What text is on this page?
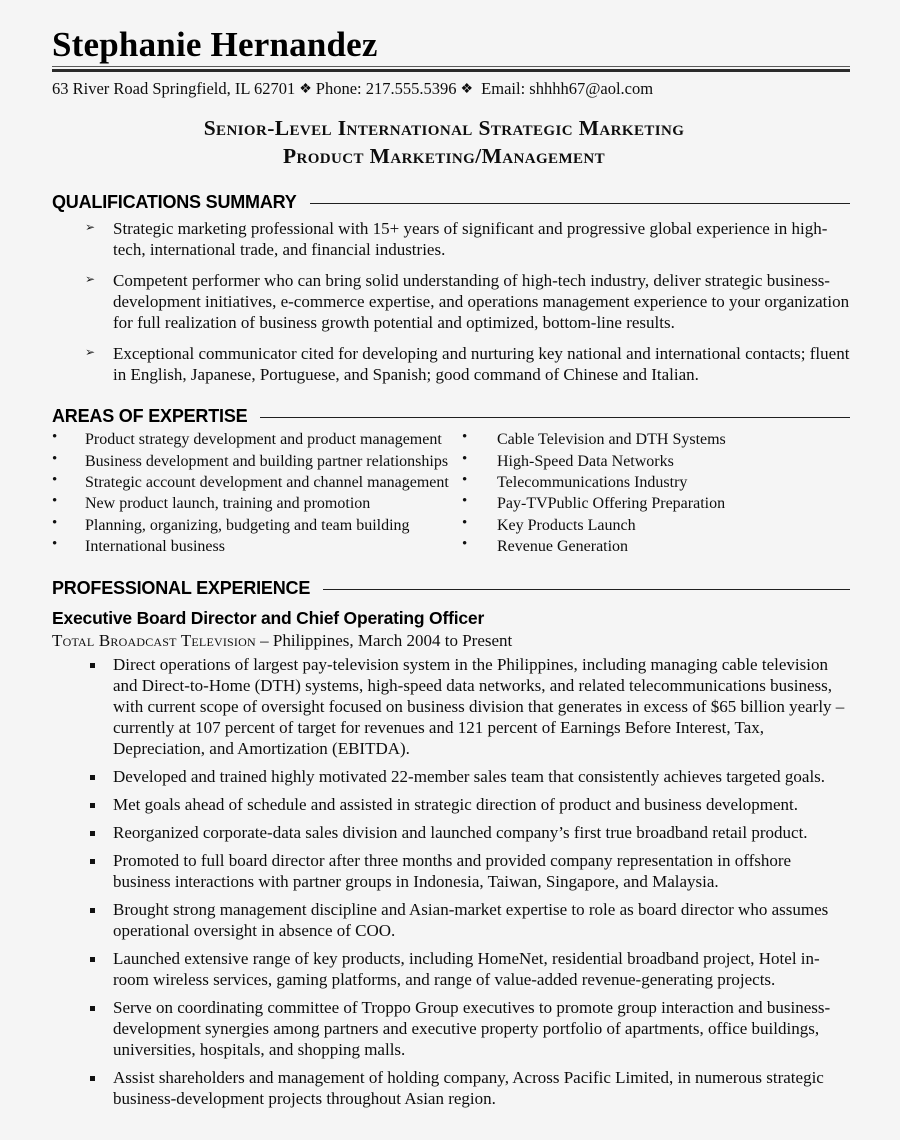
Stephanie Hernandez
63 River Road Springfield, IL 62701 ❖ Phone: 217.555.5396 ❖ Email: shhhh67@aol.com
Senior-Level International Strategic Marketing
Product Marketing/Management
QUALIFICATIONS SUMMARY
➢ Strategic marketing professional with 15+ years of significant and progressive global experience in high-tech, international trade, and financial industries.
➢ Competent performer who can bring solid understanding of high-tech industry, deliver strategic business-development initiatives, e-commerce expertise, and operations management experience to your organization for full realization of business growth potential and optimized, bottom-line results.
➢ Exceptional communicator cited for developing and nurturing key national and international contacts; fluent in English, Japanese, Portuguese, and Spanish; good command of Chinese and Italian.
AREAS OF EXPERTISE
• Product strategy development and product management
• Business development and building partner relationships
• Strategic account development and channel management
• New product launch, training and promotion
• Planning, organizing, budgeting and team building
• International business
• Cable Television and DTH Systems
• High-Speed Data Networks
• Telecommunications Industry
• Pay-TVPublic Offering Preparation
• Key Products Launch
• Revenue Generation
PROFESSIONAL EXPERIENCE
Executive Board Director and Chief Operating Officer
Total Broadcast Television – Philippines, March 2004 to Present
Direct operations of largest pay-television system in the Philippines, including managing cable television and Direct-to-Home (DTH) systems, high-speed data networks, and related telecommunications business, with current scope of oversight focused on business division that generates in excess of $65 billion yearly – currently at 107 percent of target for revenues and 121 percent of Earnings Before Interest, Tax, Depreciation, and Amortization (EBITDA).
Developed and trained highly motivated 22-member sales team that consistently achieves targeted goals.
Met goals ahead of schedule and assisted in strategic direction of product and business development.
Reorganized corporate-data sales division and launched company’s first true broadband retail product.
Promoted to full board director after three months and provided company representation in offshore business interactions with partner groups in Indonesia, Taiwan, Singapore, and Malaysia.
Brought strong management discipline and Asian-market expertise to role as board director who assumes operational oversight in absence of COO.
Launched extensive range of key products, including HomeNet, residential broadband project, Hotel in-room wireless services, gaming platforms, and range of value-added revenue-generating projects.
Serve on coordinating committee of Troppo Group executives to promote group interaction and business-development synergies among partners and executive property portfolio of apartments, office buildings, universities, hospitals, and shopping malls.
Assist shareholders and management of holding company, Across Pacific Limited, in numerous strategic business-development projects throughout Asian region.
